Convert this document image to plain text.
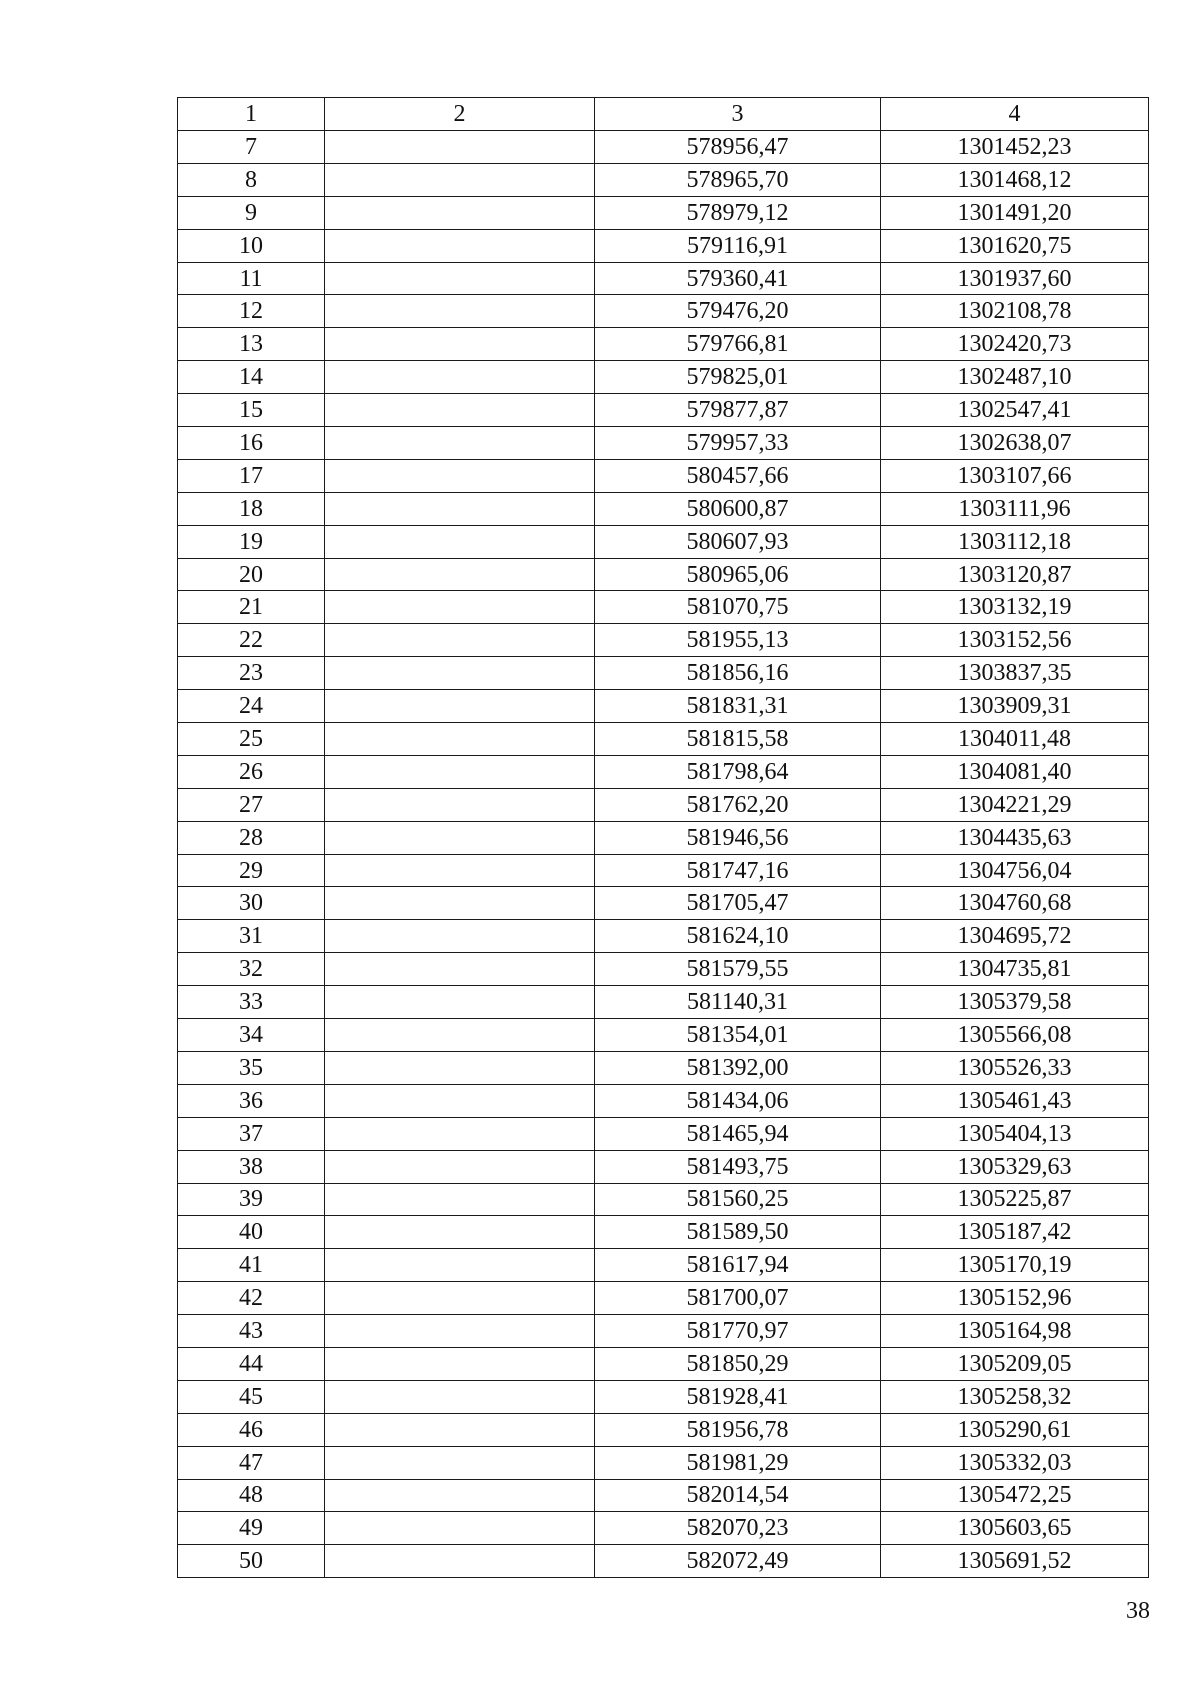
1	2	3	4
7		578956,47	1301452,23
8		578965,70	1301468,12
9		578979,12	1301491,20
10		579116,91	1301620,75
11		579360,41	1301937,60
12		579476,20	1302108,78
13		579766,81	1302420,73
14		579825,01	1302487,10
15		579877,87	1302547,41
16		579957,33	1302638,07
17		580457,66	1303107,66
18		580600,87	1303111,96
19		580607,93	1303112,18
20		580965,06	1303120,87
21		581070,75	1303132,19
22		581955,13	1303152,56
23		581856,16	1303837,35
24		581831,31	1303909,31
25		581815,58	1304011,48
26		581798,64	1304081,40
27		581762,20	1304221,29
28		581946,56	1304435,63
29		581747,16	1304756,04
30		581705,47	1304760,68
31		581624,10	1304695,72
32		581579,55	1304735,81
33		581140,31	1305379,58
34		581354,01	1305566,08
35		581392,00	1305526,33
36		581434,06	1305461,43
37		581465,94	1305404,13
38		581493,75	1305329,63
39		581560,25	1305225,87
40		581589,50	1305187,42
41		581617,94	1305170,19
42		581700,07	1305152,96
43		581770,97	1305164,98
44		581850,29	1305209,05
45		581928,41	1305258,32
46		581956,78	1305290,61
47		581981,29	1305332,03
48		582014,54	1305472,25
49		582070,23	1305603,65
50		582072,49	1305691,52
38
